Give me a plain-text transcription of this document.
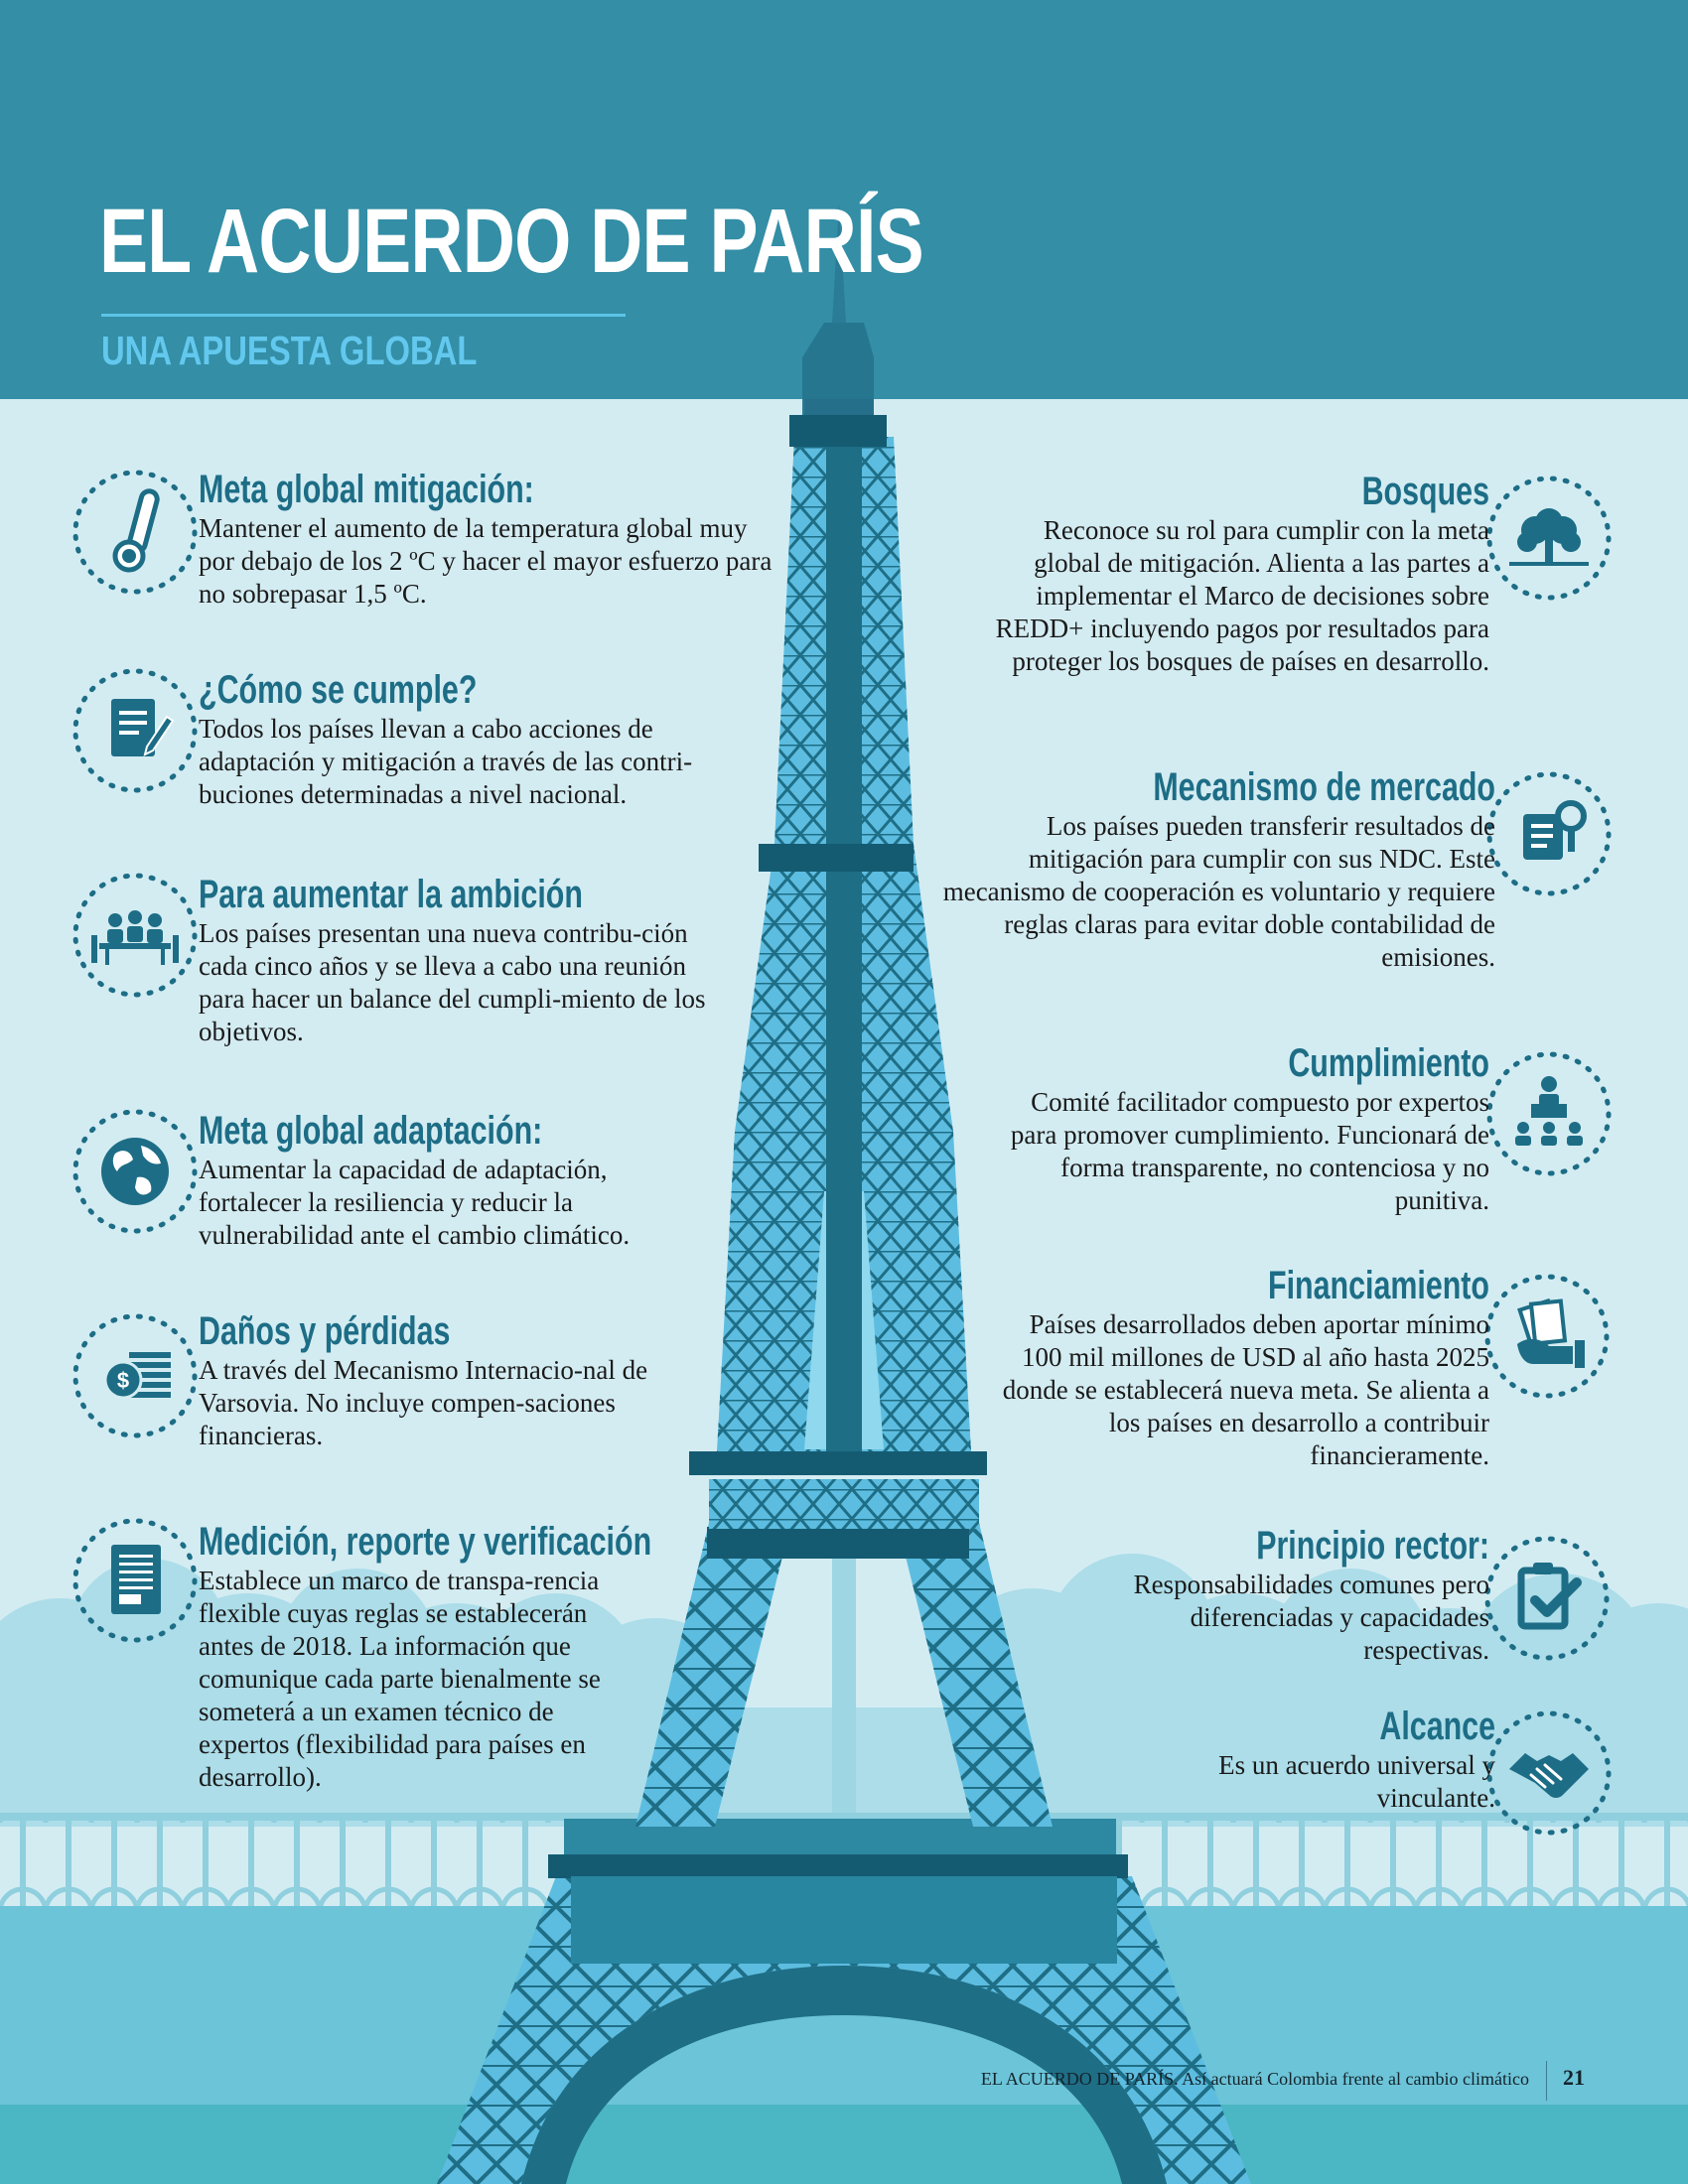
EL ACUERDO DE PARÍS
UNA APUESTA GLOBAL
Meta global mitigación:

Mantener el aumento de la temperatura global muy por debajo de los 2 ºC y hacer el mayor esfuerzo para no sobrepasar 1,5 ºC.

¿Cómo se cumple?

Todos los países llevan a cabo acciones de adaptación y mitigación a través de las contri-buciones determinadas a nivel nacional.

Para aumentar la ambición

Los países presentan una nueva contribu-ción cada cinco años y se lleva a cabo una reunión para hacer un balance del cumpli-miento de los objetivos.

Meta global adaptación:

Aumentar la capacidad de adaptación, fortalecer la resiliencia y reducir la vulnerabilidad ante el cambio climático.

$
Daños y pérdidas

A través del Mecanismo Internacio-nal de Varsovia. No incluye compen-saciones financieras.

Medición, reporte y verificación

Establece un marco de transpa-rencia flexible cuyas reglas se establecerán antes de 2018. La información que comunique cada parte bienalmente se someterá a un examen técnico de expertos (flexibilidad para países en desarrollo).

Bosques

Reconoce su rol para cumplir con la meta global de mitigación. Alienta a las partes a implementar el Marco de decisiones sobre REDD+ incluyendo pagos por resultados para proteger los bosques de países en desarrollo.

Mecanismo de mercado

Los países pueden transferir resultados de mitigación para cumplir con sus NDC. Este mecanismo de cooperación es voluntario y requiere reglas claras para evitar doble contabilidad de emisiones.

Cumplimiento

Comité facilitador compuesto por expertos para promover cumplimiento. Funcionará de forma transparente, no contenciosa y no punitiva.

Financiamiento

Países desarrollados deben aportar mínimo 100 mil millones de USD al año hasta 2025 donde se establecerá nueva meta. Se alienta a los países en desarrollo a contribuir financieramente.

Principio rector:

Responsabilidades comunes pero diferenciadas y capacidades respectivas.

Alcance

Es un acuerdo universal y vinculante.

EL ACUERDO DE PARÍS. Así actuará Colombia frente al cambio climático 21
